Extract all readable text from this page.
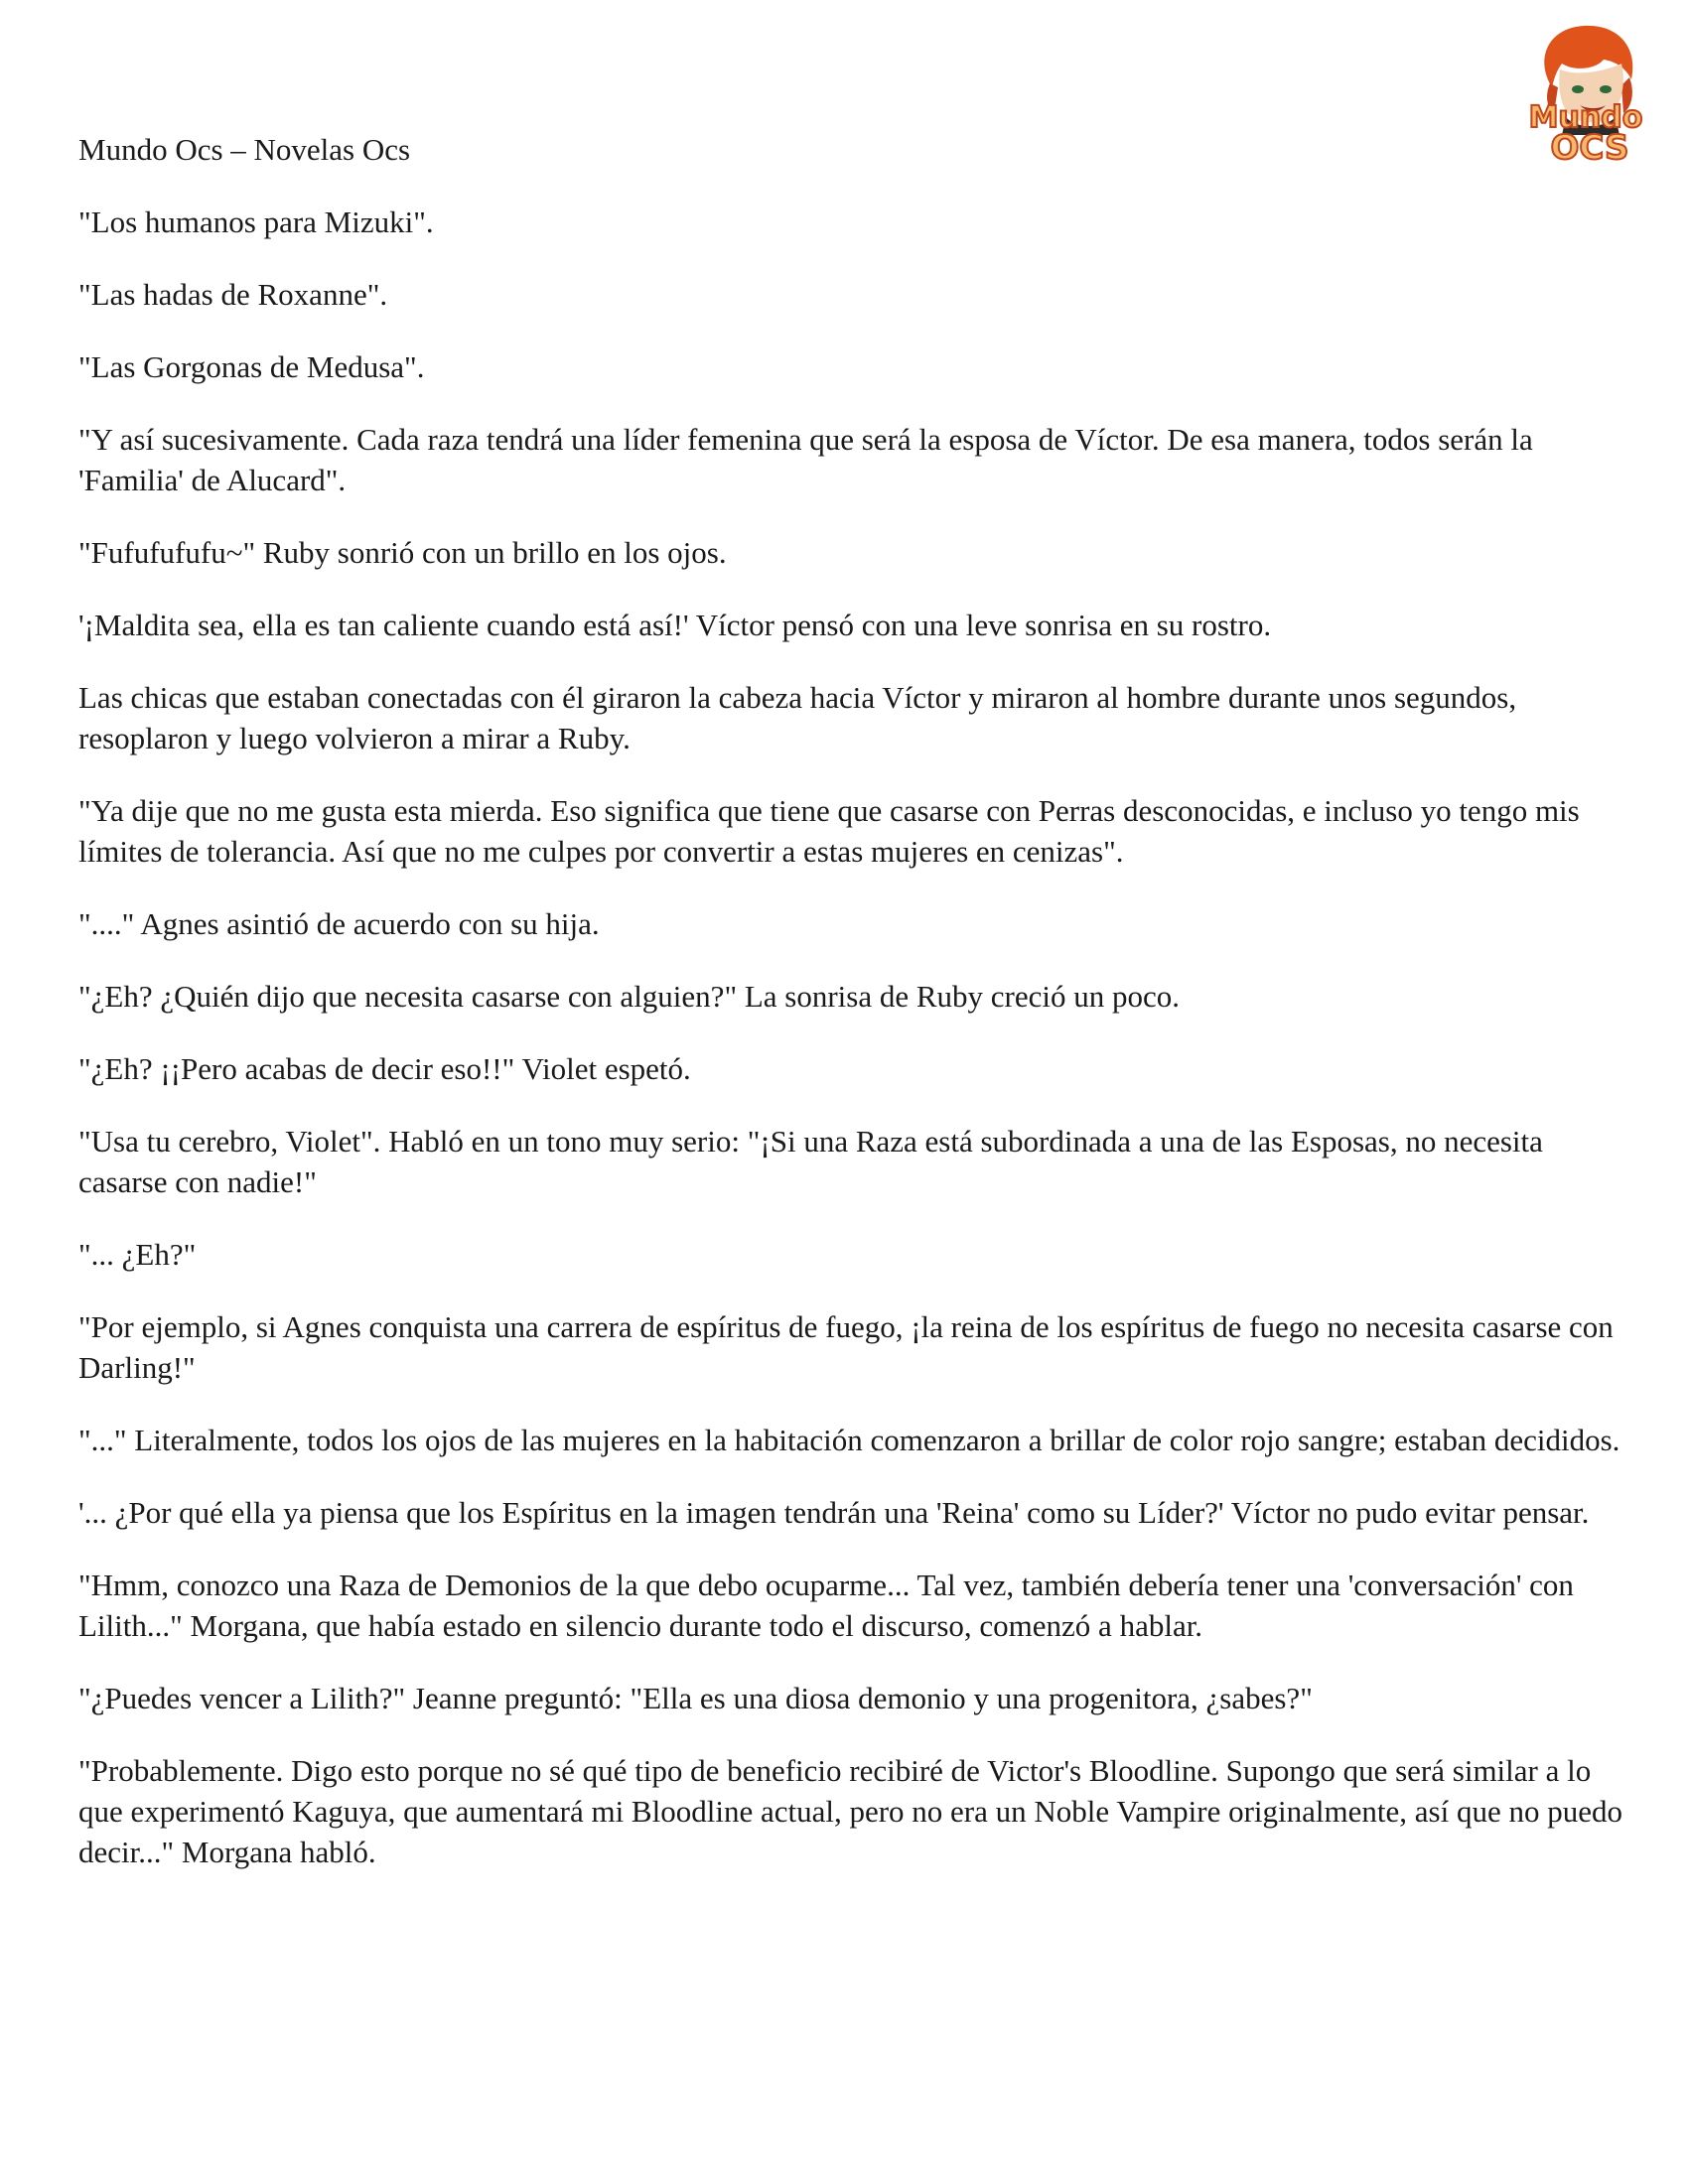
Mundo
OCS

Mundo Ocs – Novelas Ocs

"Los humanos para Mizuki".

"Las hadas de Roxanne".

"Las Gorgonas de Medusa".

"Y así sucesivamente. Cada raza tendrá una líder femenina que será la esposa de Víctor. De esa manera, todos serán la 'Familia' de Alucard".

"Fufufufufu~" Ruby sonrió con un brillo en los ojos.

'¡Maldita sea, ella es tan caliente cuando está así!' Víctor pensó con una leve sonrisa en su rostro.

Las chicas que estaban conectadas con él giraron la cabeza hacia Víctor y miraron al hombre durante unos segundos, resoplaron y luego volvieron a mirar a Ruby.

"Ya dije que no me gusta esta mierda. Eso significa que tiene que casarse con Perras desconocidas, e incluso yo tengo mis límites de tolerancia. Así que no me culpes por convertir a estas mujeres en cenizas".

"...." Agnes asintió de acuerdo con su hija.

"¿Eh? ¿Quién dijo que necesita casarse con alguien?" La sonrisa de Ruby creció un poco.

"¿Eh? ¡¡Pero acabas de decir eso!!" Violet espetó.

"Usa tu cerebro, Violet". Habló en un tono muy serio: "¡Si una Raza está subordinada a una de las Esposas, no necesita casarse con nadie!"

"... ¿Eh?"

"Por ejemplo, si Agnes conquista una carrera de espíritus de fuego, ¡la reina de los espíritus de fuego no necesita casarse con Darling!"

"..." Literalmente, todos los ojos de las mujeres en la habitación comenzaron a brillar de color rojo sangre; estaban decididos.

'... ¿Por qué ella ya piensa que los Espíritus en la imagen tendrán una 'Reina' como su Líder?' Víctor no pudo evitar pensar.

"Hmm, conozco una Raza de Demonios de la que debo ocuparme... Tal vez, también debería tener una 'conversación' con Lilith..." Morgana, que había estado en silencio durante todo el discurso, comenzó a hablar.

"¿Puedes vencer a Lilith?" Jeanne preguntó: "Ella es una diosa demonio y una progenitora, ¿sabes?"

"Probablemente. Digo esto porque no sé qué tipo de beneficio recibiré de Victor's Bloodline. Supongo que será similar a lo que experimentó Kaguya, que aumentará mi Bloodline actual, pero no era un Noble Vampire originalmente, así que no puedo decir..." Morgana habló.
